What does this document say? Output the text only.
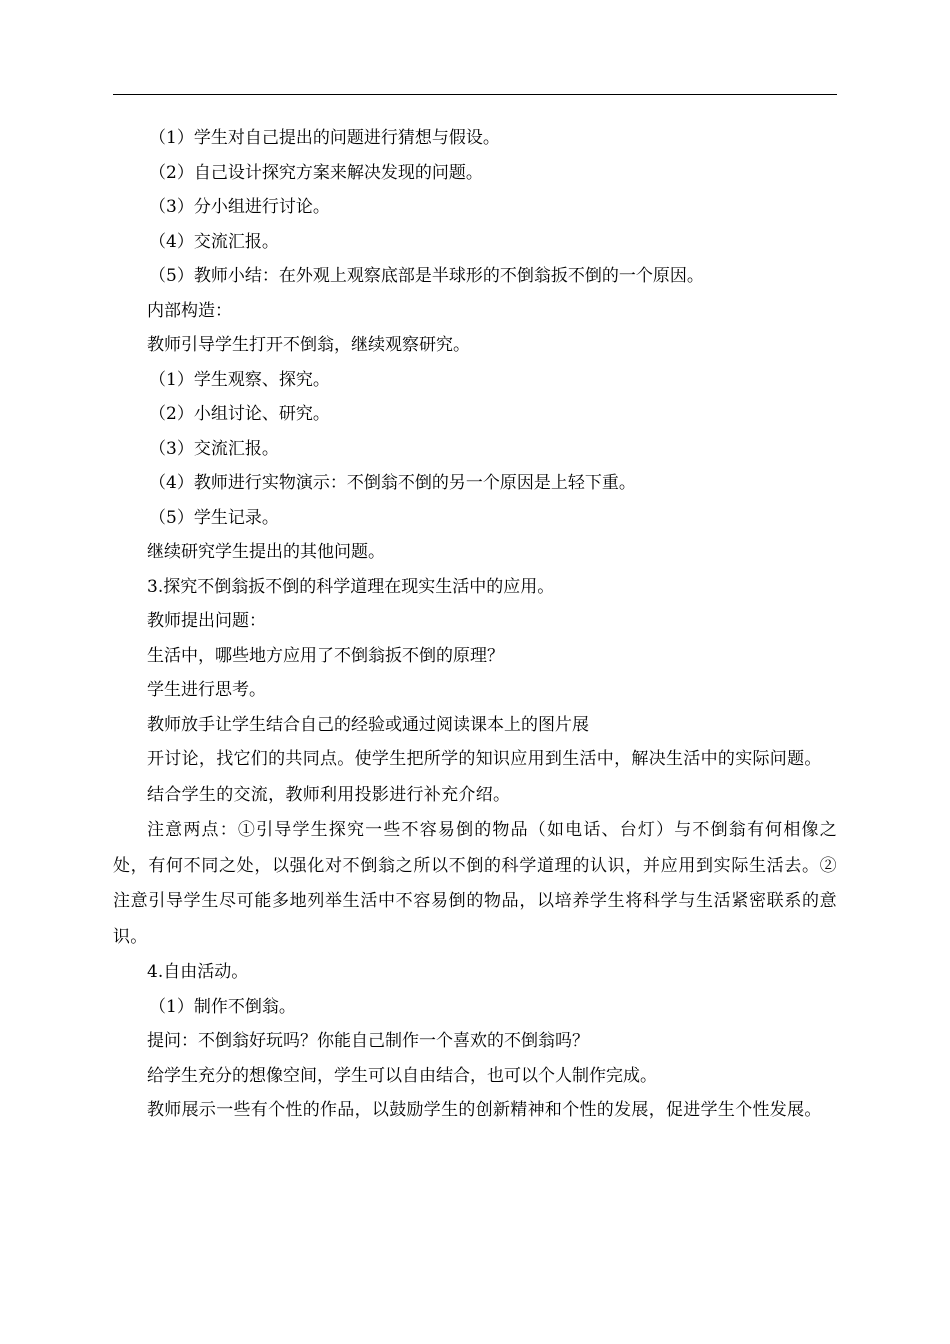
（1）学生对自己提出的问题进行猜想与假设。
（2）自己设计探究方案来解决发现的问题。
（3）分小组进行讨论。
（4）交流汇报。
（5）教师小结：在外观上观察底部是半球形的不倒翁扳不倒的一个原因。
内部构造：
教师引导学生打开不倒翁，继续观察研究。
（1）学生观察、探究。
（2）小组讨论、研究。
（3）交流汇报。
（4）教师进行实物演示：不倒翁不倒的另一个原因是上轻下重。
（5）学生记录。
继续研究学生提出的其他问题。
3.探究不倒翁扳不倒的科学道理在现实生活中的应用。
教师提出问题：
生活中，哪些地方应用了不倒翁扳不倒的原理？
学生进行思考。
教师放手让学生结合自己的经验或通过阅读课本上的图片展
开讨论，找它们的共同点。使学生把所学的知识应用到生活中，解决生活中的实际问题。
结合学生的交流，教师利用投影进行补充介绍。
注意两点：①引导学生探究一些不容易倒的物品（如电话、台灯）与不倒翁有何相像之处，有何不同之处，以强化对不倒翁之所以不倒的科学道理的认识，并应用到实际生活去。②注意引导学生尽可能多地列举生活中不容易倒的物品，以培养学生将科学与生活紧密联系的意识。
4.自由活动。
（1）制作不倒翁。
提问：不倒翁好玩吗？你能自己制作一个喜欢的不倒翁吗？
给学生充分的想像空间，学生可以自由结合，也可以个人制作完成。
教师展示一些有个性的作品，以鼓励学生的创新精神和个性的发展，促进学生个性发展。
